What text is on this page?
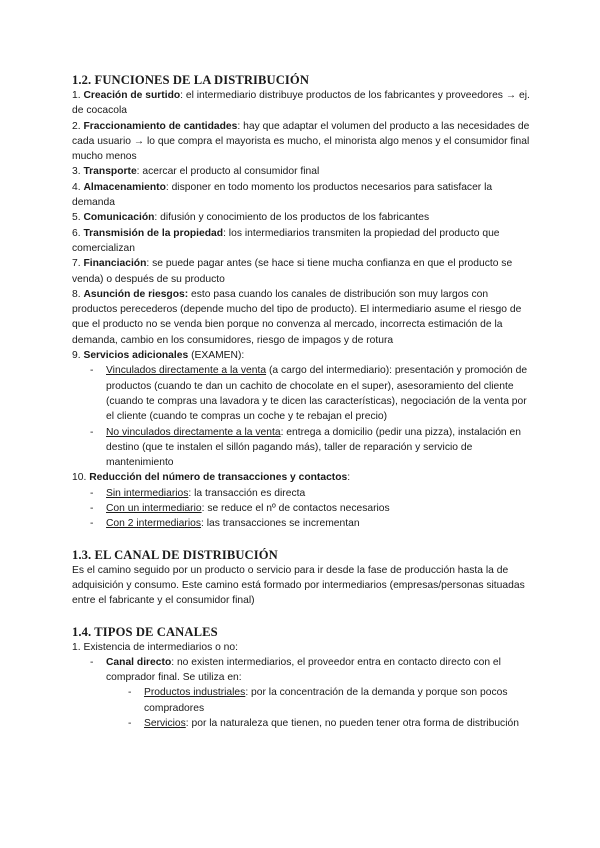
1.2. FUNCIONES DE LA DISTRIBUCIÓN

1. Creación de surtido: el intermediario distribuye productos de los fabricantes y proveedores → ej. de cocacola

2. Fraccionamiento de cantidades: hay que adaptar el volumen del producto a las necesidades de cada usuario → lo que compra el mayorista es mucho, el minorista algo menos y el consumidor final mucho menos

3. Transporte: acercar el producto al consumidor final

4. Almacenamiento: disponer en todo momento los productos necesarios para satisfacer la demanda

5. Comunicación: difusión y conocimiento de los productos de los fabricantes

6. Transmisión de la propiedad: los intermediarios transmiten la propiedad del producto que comercializan

7. Financiación: se puede pagar antes (se hace si tiene mucha confianza en que el producto se venda) o después de su producto

8. Asunción de riesgos: esto pasa cuando los canales de distribución son muy largos con productos perecederos (depende mucho del tipo de producto). El intermediario asume el riesgo de que el producto no se venda bien porque no convenza al mercado, incorrecta estimación de la demanda, cambio en los consumidores, riesgo de impagos y de rotura

9. Servicios adicionales (EXAMEN):

- Vinculados directamente a la venta (a cargo del intermediario): presentación y promoción de productos (cuando te dan un cachito de chocolate en el super), asesoramiento del cliente (cuando te compras una lavadora y te dicen las características), negociación de la venta por el cliente (cuando te compras un coche y te rebajan el precio)
- No vinculados directamente a la venta: entrega a domicilio (pedir una pizza), instalación en destino (que te instalen el sillón pagando más), taller de reparación y servicio de mantenimiento

10. Reducción del número de transacciones y contactos:

- Sin intermediarios: la transacción es directa
- Con un intermediario: se reduce el nº de contactos necesarios
- Con 2 intermediarios: las transacciones se incrementan
1.3. EL CANAL DE DISTRIBUCIÓN

Es el camino seguido por un producto o servicio para ir desde la fase de producción hasta la de adquisición y consumo. Este camino está formado por intermediarios (empresas/personas situadas entre el fabricante y el consumidor final)

1.4. TIPOS DE CANALES

1. Existencia de intermediarios o no:

- Canal directo: no existen intermediarios, el proveedor entra en contacto directo con el comprador final. Se utiliza en:
- Productos industriales: por la concentración de la demanda y porque son pocos compradores
- Servicios: por la naturaleza que tienen, no pueden tener otra forma de distribución
